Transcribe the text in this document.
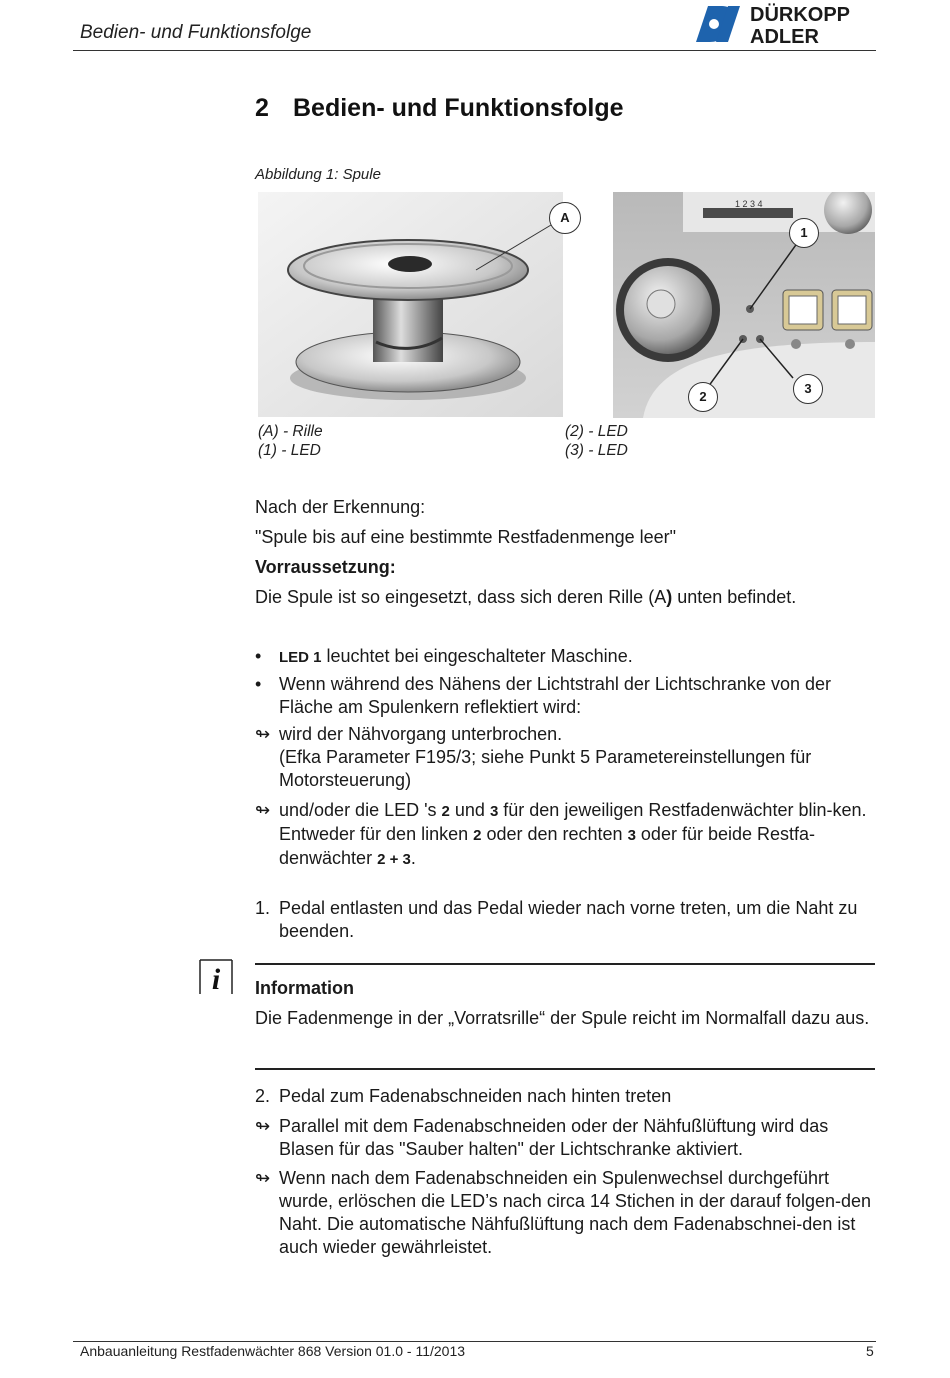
Bedien- und Funktionsfolge
DÜRKOPP
ADLER
2 Bedien- und Funktionsfolge
Abbildung 1: Spule
A
1 2 3 4
1
2
3
(A) - Rille
(1) - LED
(2) - LED
(3) - LED
Nach der Erkennung:
"Spule bis auf eine bestimmte Restfadenmenge leer"
Vorraussetzung:
Die Spule ist so eingesetzt, dass sich deren Rille (A) unten befindet.
•	LED 1 leuchtet bei eingeschalteter Maschine.
• Wenn während des Nähens der Lichtstrahl der Lichtschranke von der Fläche am Spulenkern reflektiert wird:
↬ wird der Nähvorgang unterbrochen.
(Efka Parameter F195/3; siehe Punkt 5 Parametereinstellungen für Motorsteuerung)
↬ und/oder die LED 's 2 und 3 für den jeweiligen Restfadenwächter blin-ken.
Entweder für den linken 2 oder den rechten 3 oder für beide Restfa-denwächter 2 + 3.
1. Pedal entlasten und das Pedal wieder nach vorne treten, um die Naht zu beenden.
i Information
Die Fadenmenge in der „Vorratsrille“ der Spule reicht im Normalfall dazu aus.
2. Pedal zum Fadenabschneiden nach hinten treten
↬ Parallel mit dem Fadenabschneiden oder der Nähfußlüftung wird das Blasen für das "Sauber halten" der Lichtschranke aktiviert.
↬ Wenn nach dem Fadenabschneiden ein Spulenwechsel durchgeführt wurde, erlöschen die LED’s nach circa 14 Stichen in der darauf folgen-den Naht. Die automatische Nähfußlüftung nach dem Fadenabschnei-den ist auch wieder gewährleistet.
Anbauanleitung Restfadenwächter 868 Version 01.0 - 11/2013	5
